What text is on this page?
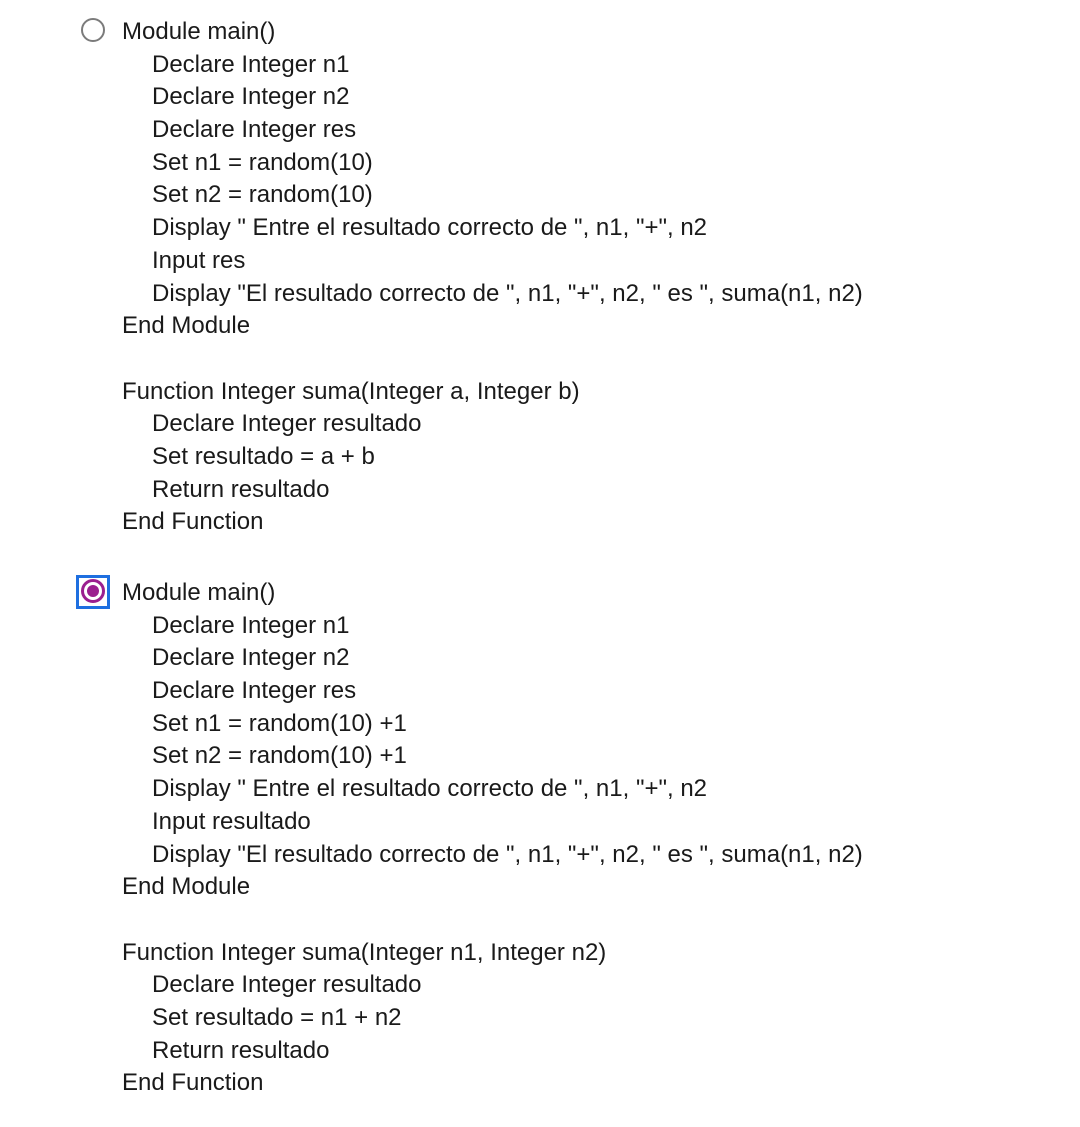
Module main()
Declare Integer n1
Declare Integer n2
Declare Integer res
Set n1 = random(10)
Set n2 = random(10)
Display " Entre el resultado correcto de ", n1, "+", n2
Input res
Display "El resultado correcto de ", n1, "+", n2, " es ", suma(n1, n2)
End Module
Function Integer suma(Integer a, Integer b)
Declare Integer resultado
Set resultado = a + b
Return resultado
End Function
Module main()
Declare Integer n1
Declare Integer n2
Declare Integer res
Set n1 = random(10) +1
Set n2 = random(10) +1
Display " Entre el resultado correcto de ", n1, "+", n2
Input resultado
Display "El resultado correcto de ", n1, "+", n2, " es ", suma(n1, n2)
End Module
Function Integer suma(Integer n1, Integer n2)
Declare Integer resultado
Set resultado = n1 + n2
Return resultado
End Function
